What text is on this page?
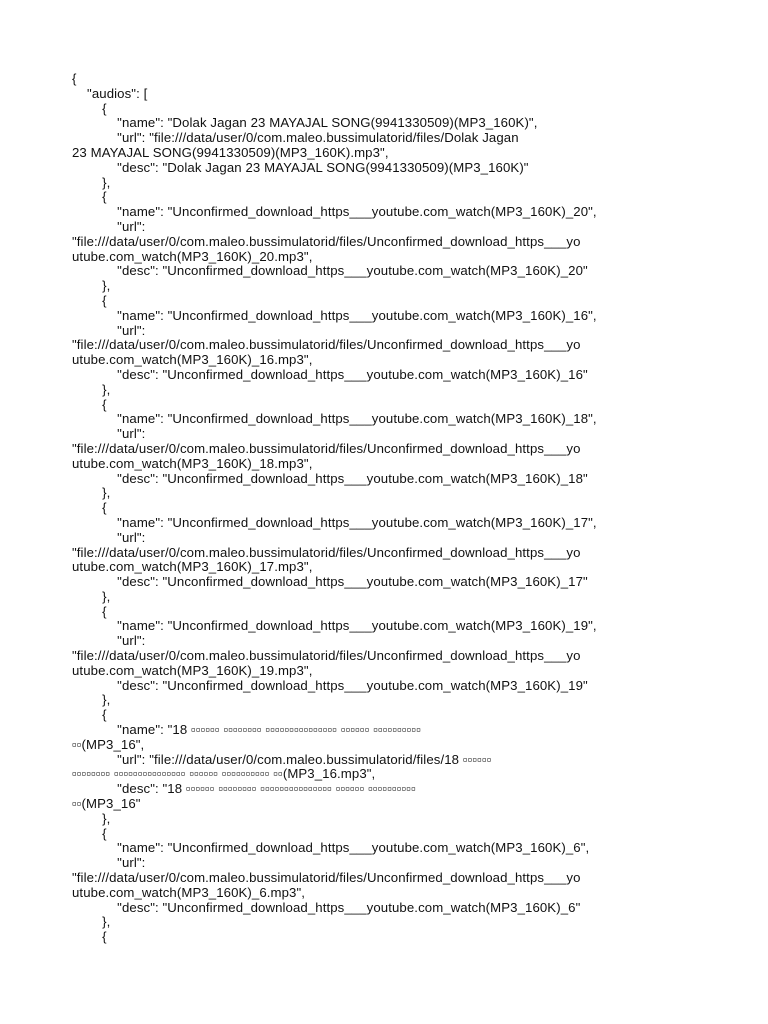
{
"audios": [
{
"name": "Dolak Jagan 23 MAYAJAL SONG(9941330509)(MP3_160K)",
"url": "file:///data/user/0/com.maleo.bussimulatorid/files/Dolak Jagan
23 MAYAJAL SONG(9941330509)(MP3_160K).mp3",
"desc": "Dolak Jagan 23 MAYAJAL SONG(9941330509)(MP3_160K)"
},
{
"name": "Unconfirmed_download_https___youtube.com_watch(MP3_160K)_20",
"url":
"file:///data/user/0/com.maleo.bussimulatorid/files/Unconfirmed_download_https___yo
utube.com_watch(MP3_160K)_20.mp3",
"desc": "Unconfirmed_download_https___youtube.com_watch(MP3_160K)_20"
},
{
"name": "Unconfirmed_download_https___youtube.com_watch(MP3_160K)_16",
"url":
"file:///data/user/0/com.maleo.bussimulatorid/files/Unconfirmed_download_https___yo
utube.com_watch(MP3_160K)_16.mp3",
"desc": "Unconfirmed_download_https___youtube.com_watch(MP3_160K)_16"
},
{
"name": "Unconfirmed_download_https___youtube.com_watch(MP3_160K)_18",
"url":
"file:///data/user/0/com.maleo.bussimulatorid/files/Unconfirmed_download_https___yo
utube.com_watch(MP3_160K)_18.mp3",
"desc": "Unconfirmed_download_https___youtube.com_watch(MP3_160K)_18"
},
{
"name": "Unconfirmed_download_https___youtube.com_watch(MP3_160K)_17",
"url":
"file:///data/user/0/com.maleo.bussimulatorid/files/Unconfirmed_download_https___yo
utube.com_watch(MP3_160K)_17.mp3",
"desc": "Unconfirmed_download_https___youtube.com_watch(MP3_160K)_17"
},
{
"name": "Unconfirmed_download_https___youtube.com_watch(MP3_160K)_19",
"url":
"file:///data/user/0/com.maleo.bussimulatorid/files/Unconfirmed_download_https___yo
utube.com_watch(MP3_160K)_19.mp3",
"desc": "Unconfirmed_download_https___youtube.com_watch(MP3_160K)_19"
},
{
"name": "18 ▫▫▫▫▫▫ ▫▫▫▫▫▫▫▫ ▫▫▫▫▫▫▫▫▫▫▫▫▫▫▫ ▫▫▫▫▫▫ ▫▫▫▫▫▫▫▫▫▫
▫▫(MP3_16",
"url": "file:///data/user/0/com.maleo.bussimulatorid/files/18 ▫▫▫▫▫▫
▫▫▫▫▫▫▫▫ ▫▫▫▫▫▫▫▫▫▫▫▫▫▫▫ ▫▫▫▫▫▫ ▫▫▫▫▫▫▫▫▫▫ ▫▫(MP3_16.mp3",
"desc": "18 ▫▫▫▫▫▫ ▫▫▫▫▫▫▫▫ ▫▫▫▫▫▫▫▫▫▫▫▫▫▫▫ ▫▫▫▫▫▫ ▫▫▫▫▫▫▫▫▫▫
▫▫(MP3_16"
},
{
"name": "Unconfirmed_download_https___youtube.com_watch(MP3_160K)_6",
"url":
"file:///data/user/0/com.maleo.bussimulatorid/files/Unconfirmed_download_https___yo
utube.com_watch(MP3_160K)_6.mp3",
"desc": "Unconfirmed_download_https___youtube.com_watch(MP3_160K)_6"
},
{
